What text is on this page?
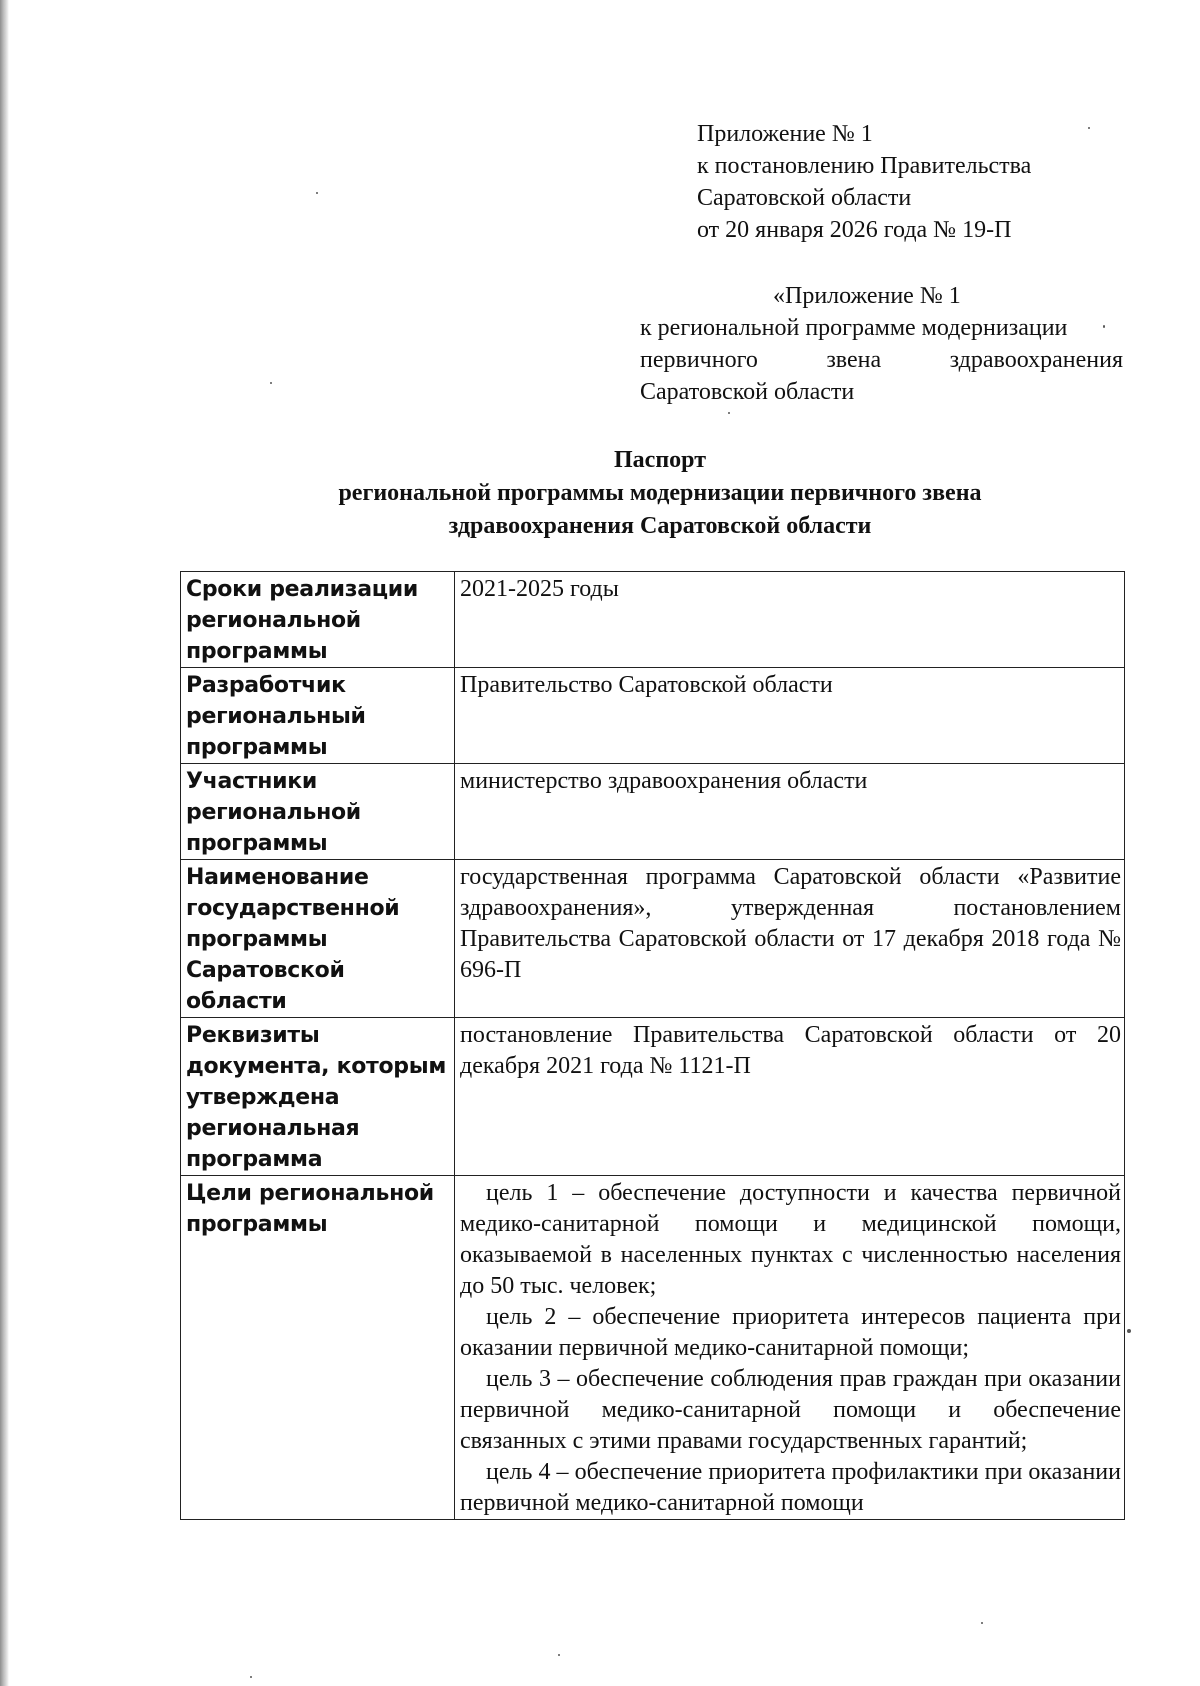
Приложение № 1
к постановлению Правительства
Саратовской области
от 20 января 2026 года № 19-П
«Приложение № 1
к региональной программе модернизации
первичного звена здравоохранения
Саратовской области
Паспорт
региональной программы модернизации первичного звена
здравоохранения Саратовской области
Сроки реализации региональной программы	2021-2025 годы
Разработчик региональный программы	Правительство Саратовской области
Участники региональной программы	министерство здравоохранения области
Наименование государственной программы Саратовской области	государственная программа Саратовской области «Развитие здравоохранения», утвержденная постановлением Правительства Саратовской области от 17 декабря 2018 года № 696-П
Реквизиты документа, которым утверждена региональная программа	постановление Правительства Саратовской области от 20 декабря 2021 года № 1121-П
Цели региональной программы	цель 1 – обеспечение доступности и качества первичной медико-санитарной помощи и медицинской помощи, оказываемой в населенных пунктах с численностью населения до 50 тыс. человек;

цель 2 – обеспечение приоритета интересов пациента при оказании первичной медико-санитарной помощи;

цель 3 – обеспечение соблюдения прав граждан при оказании первичной медико-санитарной помощи и обеспечение связанных с этими правами государственных гарантий;

цель 4 – обеспечение приоритета профилактики при оказании первичной медико-санитарной помощи
